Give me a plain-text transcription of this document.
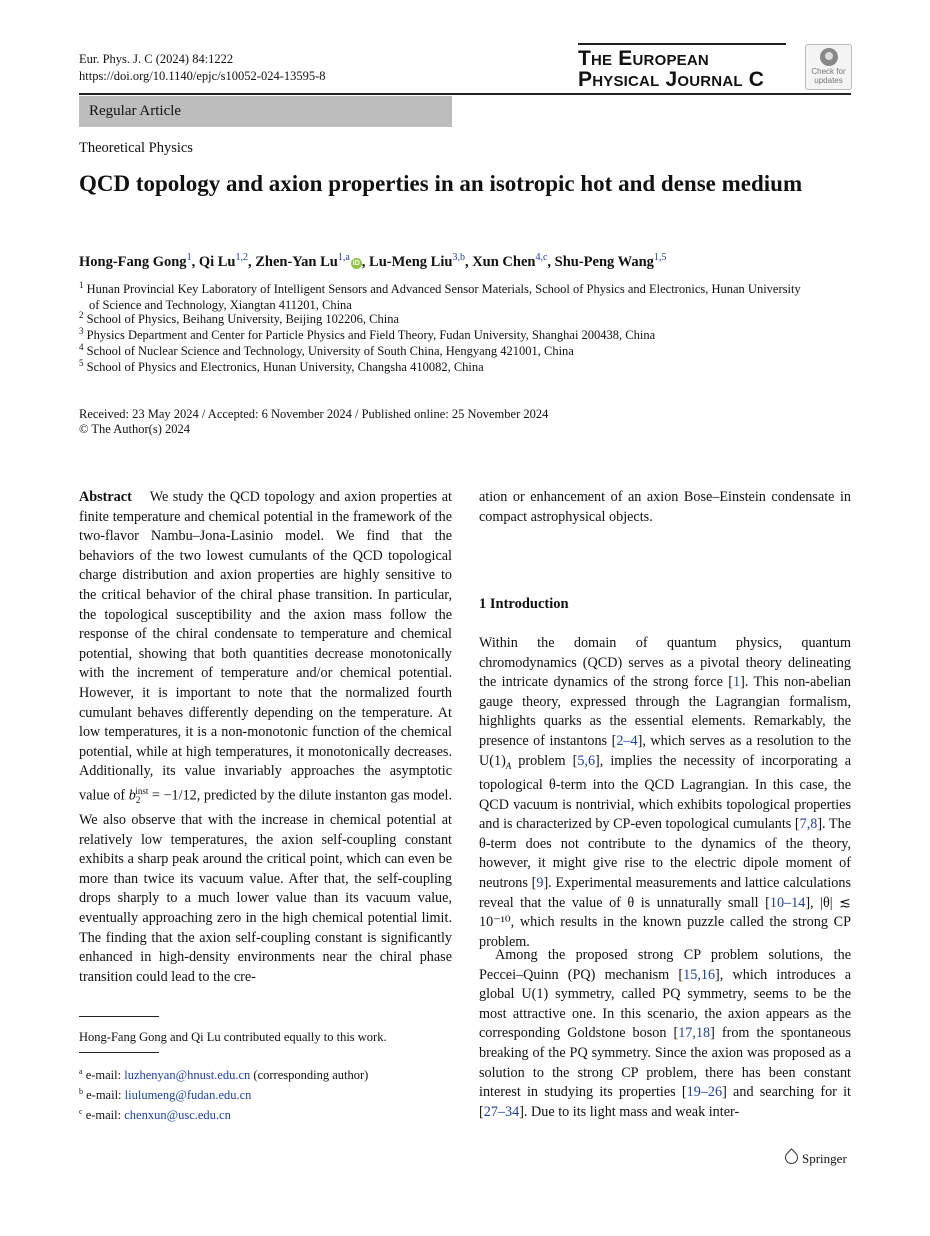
Eur. Phys. J. C (2024) 84:1222
https://doi.org/10.1140/epjc/s10052-024-13595-8
The European
Physical Journal C	Check for updates
Regular Article
Theoretical Physics
QCD topology and axion properties in an isotropic hot and dense medium
Hong-Fang Gong$^1$, Qi Lu$^{1,2}$, Zhen-Yan Lu$^{1,a}$iD , Lu-Meng Liu$^{3,b}$, Xun Chen$^{4,c}$, Shu-Peng Wang$^{1,5}$
$^1$ Hunan Provincial Key Laboratory of Intelligent Sensors and Advanced Sensor Materials, School of Physics and Electronics, Hunan University
of Science and Technology, Xiangtan 411201, China
$^2$ School of Physics, Beihang University, Beijing 102206, China
$^3$ Physics Department and Center for Particle Physics and Field Theory, Fudan University, Shanghai 200438, China
$^4$ School of Nuclear Science and Technology, University of South China, Hengyang 421001, China
$^5$ School of Physics and Electronics, Hunan University, Changsha 410082, China
Received: 23 May 2024 / Accepted: 6 November 2024 / Published online: 25 November 2024
© The Author(s) 2024
Abstract We study the QCD topology and axion properties at finite temperature and chemical potential in the framework of the two-flavor Nambu–Jona-Lasinio model. We find that the behaviors of the two lowest cumulants of the QCD topological charge distribution and axion properties are highly sensitive to the critical behavior of the chiral phase transition. In particular, the topological susceptibility and the axion mass follow the response of the chiral condensate to temperature and chemical potential, showing that both quantities decrease monotonically with the increment of temperature and/or chemical potential. However, it is important to note that the normalized fourth cumulant behaves differently depending on the temperature. At low temperatures, it is a non-monotonic function of the chemical potential, while at high temperatures, it monotonically decreases. Additionally, its value invariably approaches the asymptotic value of $b_2^{inst} = -1/12$, predicted by the dilute instanton gas model. We also observe that with the increase in chemical potential at relatively low temperatures, the axion self-coupling constant exhibits a sharp peak around the critical point, which can even be more than twice its vacuum value. After that, the self-coupling drops sharply to a much lower value than its vacuum value, eventually approaching zero in the high chemical potential limit. The finding that the axion self-coupling constant is significantly enhanced in high-density environments near the chiral phase transition could lead to the cre-
ation or enhancement of an axion Bose–Einstein condensate in compact astrophysical objects.
1 Introduction
Within the domain of quantum physics, quantum chromodynamics (QCD) serves as a pivotal theory delineating the intricate dynamics of the strong force [1]. This non-abelian gauge theory, expressed through the Lagrangian formalism, highlights quarks as the essential elements. Remarkably, the presence of instantons [2–4], which serves as a resolution to the $U(1)_A$ problem [5,6], implies the necessity of incorporating a topological θ-term into the QCD Lagrangian. In this case, the QCD vacuum is nontrivial, which exhibits topological properties and is characterized by CP-even topological cumulants [7,8]. The θ-term does not contribute to the dynamics of the theory, however, it might give rise to the electric dipole moment of neutrons [9]. Experimental measurements and lattice calculations reveal that the value of θ is unnaturally small [10–14], |θ| ≲ 10⁻¹⁰, which results in the known puzzle called the strong CP problem.
Among the proposed strong CP problem solutions, the Peccei–Quinn (PQ) mechanism [15,16], which introduces a global U(1) symmetry, called PQ symmetry, seems to be the most attractive one. In this scenario, the axion appears as the corresponding Goldstone boson [17,18] from the spontaneous breaking of the PQ symmetry. Since the axion was proposed as a solution to the strong CP problem, there has been constant interest in studying its properties [19–26] and searching for it [27–34]. Due to its light mass and weak inter-
Hong-Fang Gong and Qi Lu contributed equally to this work.
$^a$ e-mail: luzhenyan@hnust.edu.cn (corresponding author)
$^b$ e-mail: liulumeng@fudan.edu.cn
$^c$ e-mail: chenxun@usc.edu.cn
Springer
